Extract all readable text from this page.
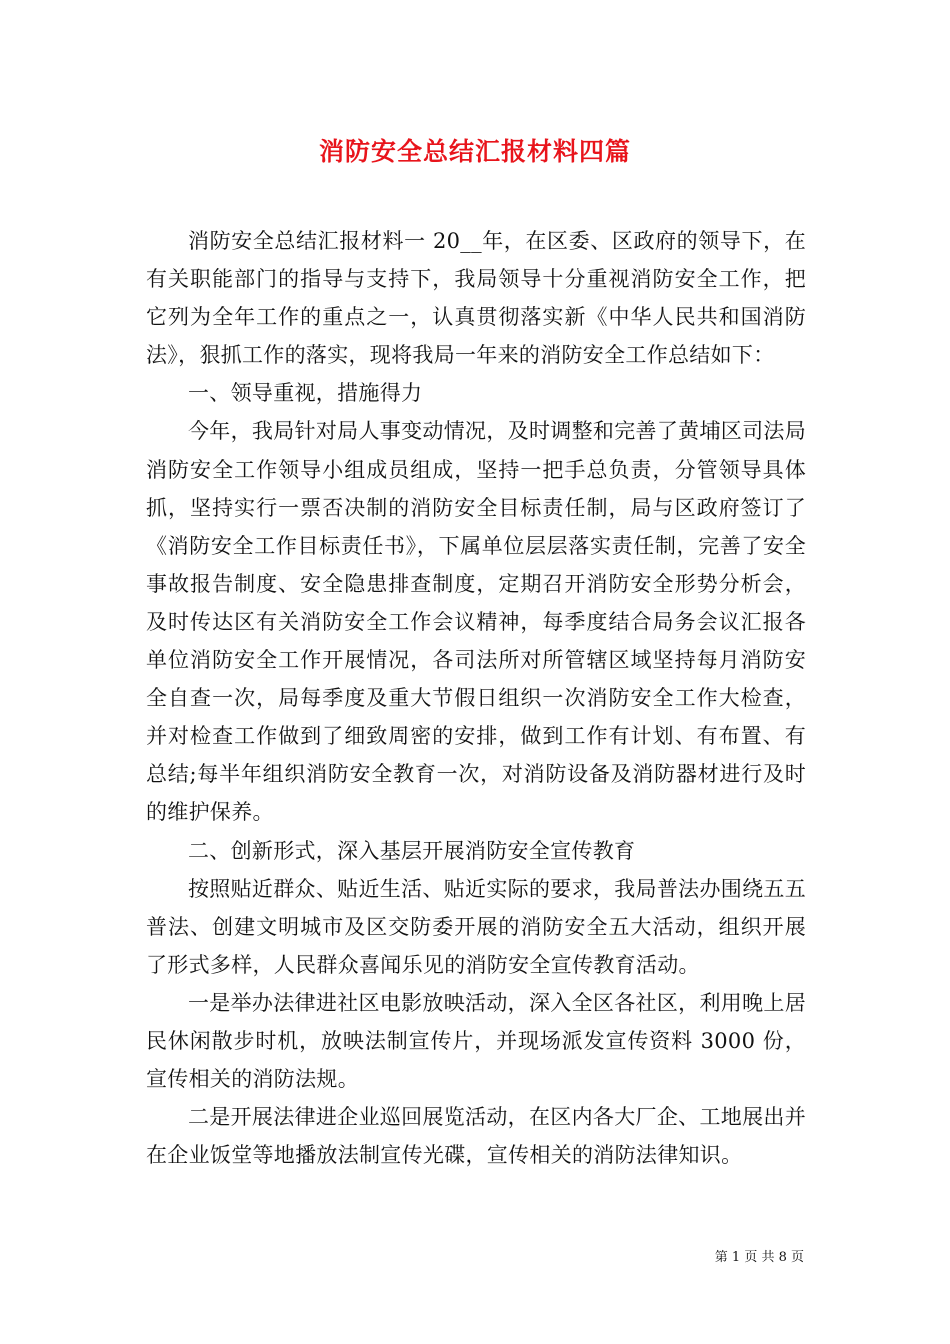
消防安全总结汇报材料四篇

消防安全总结汇报材料一 20__年，在区委、区政府的领导下，在有关职能部门的指导与支持下，我局领导十分重视消防安全工作，把它列为全年工作的重点之一，认真贯彻落实新《中华人民共和国消防法》，狠抓工作的落实，现将我局一年来的消防安全工作总结如下：

一、领导重视，措施得力

今年，我局针对局人事变动情况，及时调整和完善了黄埔区司法局消防安全工作领导小组成员组成，坚持一把手总负责，分管领导具体抓，坚持实行一票否决制的消防安全目标责任制，局与区政府签订了《消防安全工作目标责任书》，下属单位层层落实责任制，完善了安全事故报告制度、安全隐患排查制度，定期召开消防安全形势分析会，及时传达区有关消防安全工作会议精神，每季度结合局务会议汇报各单位消防安全工作开展情况，各司法所对所管辖区域坚持每月消防安全自查一次，局每季度及重大节假日组织一次消防安全工作大检查，并对检查工作做到了细致周密的安排，做到工作有计划、有布置、有总结;每半年组织消防安全教育一次，对消防设备及消防器材进行及时的维护保养。

二、创新形式，深入基层开展消防安全宣传教育

按照贴近群众、贴近生活、贴近实际的要求，我局普法办围绕五五普法、创建文明城市及区交防委开展的消防安全五大活动，组织开展了形式多样，人民群众喜闻乐见的消防安全宣传教育活动。

一是举办法律进社区电影放映活动，深入全区各社区，利用晚上居民休闲散步时机，放映法制宣传片，并现场派发宣传资料 3000 份，宣传相关的消防法规。

二是开展法律进企业巡回展览活动，在区内各大厂企、工地展出并在企业饭堂等地播放法制宣传光碟，宣传相关的消防法律知识。

第 1 页 共 8 页
